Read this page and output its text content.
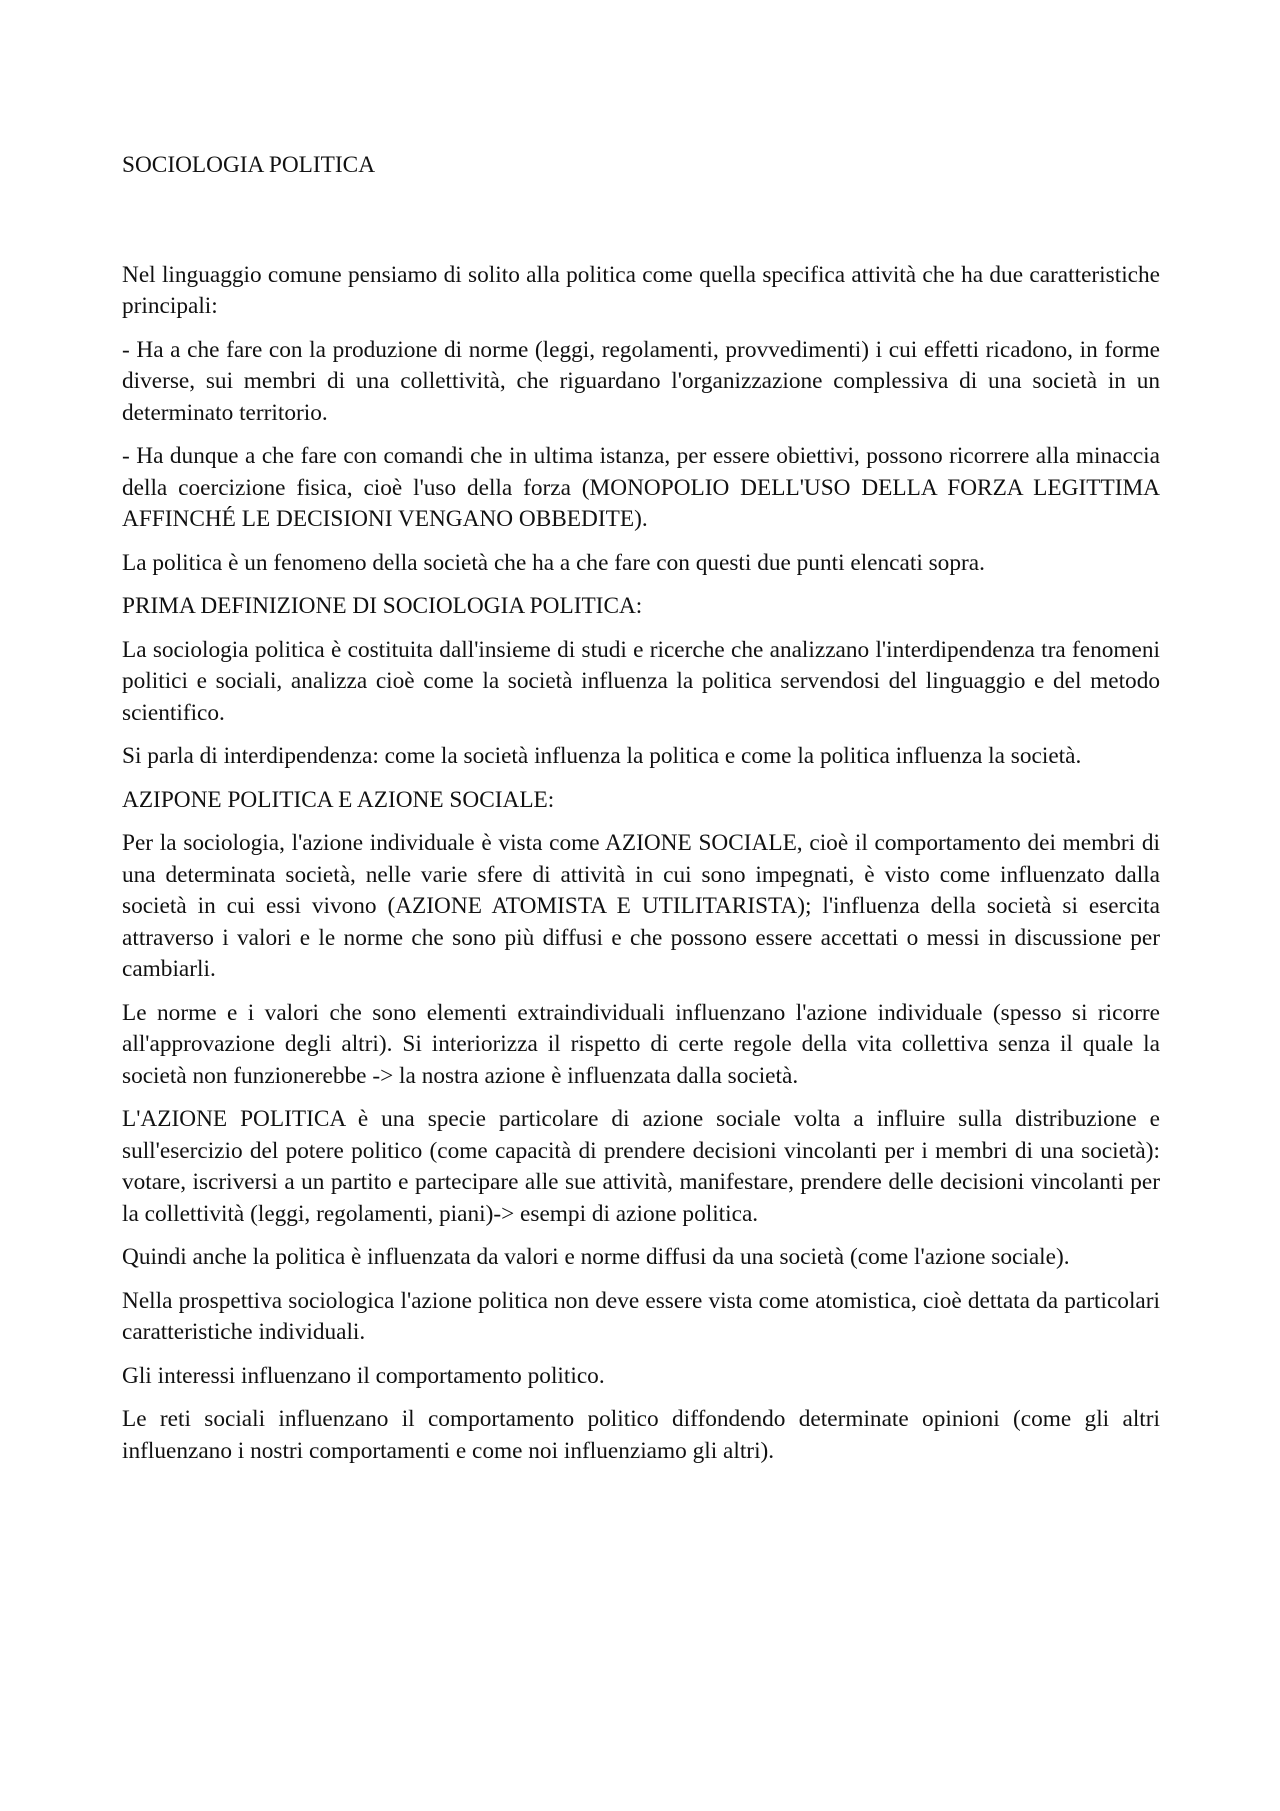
SOCIOLOGIA POLITICA

Nel linguaggio comune pensiamo di solito alla politica come quella specifica attività che ha due caratteristiche principali:

- Ha a che fare con la produzione di norme (leggi, regolamenti, provvedimenti) i cui effetti ricadono, in forme diverse, sui membri di una collettività, che riguardano l'organizzazione complessiva di una società in un determinato territorio.

- Ha dunque a che fare con comandi che in ultima istanza, per essere obiettivi, possono ricorrere alla minaccia della coercizione fisica, cioè l'uso della forza (MONOPOLIO DELL'USO DELLA FORZA LEGITTIMA AFFINCHÉ LE DECISIONI VENGANO OBBEDITE).

La politica è un fenomeno della società che ha a che fare con questi due punti elencati sopra.

PRIMA DEFINIZIONE DI SOCIOLOGIA POLITICA:

La sociologia politica è costituita dall'insieme di studi e ricerche che analizzano l'interdipendenza tra fenomeni politici e sociali, analizza cioè come la società influenza la politica servendosi del linguaggio e del metodo scientifico.

Si parla di interdipendenza: come la società influenza la politica e come la politica influenza la società.

AZIPONE POLITICA E AZIONE SOCIALE:

Per la sociologia, l'azione individuale è vista come AZIONE SOCIALE, cioè il comportamento dei membri di una determinata società, nelle varie sfere di attività in cui sono impegnati, è visto come influenzato dalla società in cui essi vivono (AZIONE ATOMISTA E UTILITARISTA); l'influenza della società si esercita attraverso i valori e le norme che sono più diffusi e che possono essere accettati o messi in discussione per cambiarli.

Le norme e i valori che sono elementi extraindividuali influenzano l'azione individuale (spesso si ricorre all'approvazione degli altri). Si interiorizza il rispetto di certe regole della vita collettiva senza il quale la società non funzionerebbe -> la nostra azione è influenzata dalla società.

L'AZIONE POLITICA è una specie particolare di azione sociale volta a influire sulla distribuzione e sull'esercizio del potere politico (come capacità di prendere decisioni vincolanti per i membri di una società): votare, iscriversi a un partito e partecipare alle sue attività, manifestare, prendere delle decisioni vincolanti per la collettività (leggi, regolamenti, piani)-> esempi di azione politica.

Quindi anche la politica è influenzata da valori e norme diffusi da una società (come l'azione sociale).

Nella prospettiva sociologica l'azione politica non deve essere vista come atomistica, cioè dettata da particolari caratteristiche individuali.

Gli interessi influenzano il comportamento politico.

Le reti sociali influenzano il comportamento politico diffondendo determinate opinioni (come gli altri influenzano i nostri comportamenti e come noi influenziamo gli altri).
